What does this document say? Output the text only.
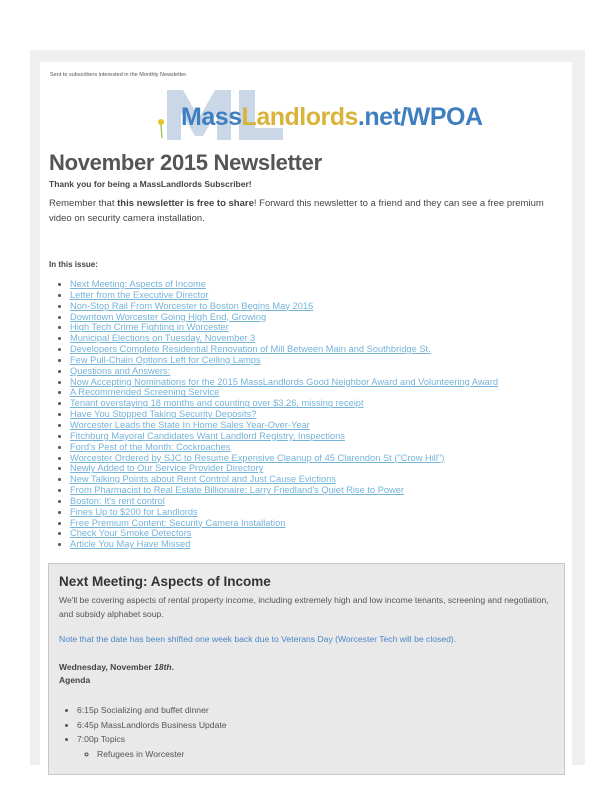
Sent to subscribers interested in the Monthly Newsletter.
MassLandlords.net/WPOA
November 2015 Newsletter
Thank you for being a MassLandlords Subscriber!
Remember that this newsletter is free to share! Forward this newsletter to a friend and they can see a free premium video on security camera installation.
In this issue:
• Next Meeting: Aspects of Income
• Letter from the Executive Director
• Non-Stop Rail From Worcester to Boston Begins May 2016
• Downtown Worcester Going High End, Growing
• High Tech Crime Fighting in Worcester
• Municipal Elections on Tuesday, November 3
• Developers Complete Residential Renovation of Mill Between Main and Southbridge St.
• Few Pull-Chain Options Left for Ceiling Lamps
• Questions and Answers:
• Now Accepting Nominations for the 2015 MassLandlords Good Neighbor Award and Volunteering Award
• A Recommended Screening Service
• Tenant overstaying 18 months and counting over $3.26, missing receipt
• Have You Stopped Taking Security Deposits?
• Worcester Leads the State In Home Sales Year-Over-Year
• Fitchburg Mayoral Candidates Want Landlord Registry, Inspections
• Ford's Pest of the Month: Cockroaches
• Worcester Ordered by SJC to Resume Expensive Cleanup of 45 Clarendon St ("Crow Hill")
• Newly Added to Our Service Provider Directory
• New Talking Points about Rent Control and Just Cause Evictions
• From Pharmacist to Real Estate Billionaire: Larry Friedland's Quiet Rise to Power
• Boston: It's rent control
• Fines Up to $200 for Landlords
• Free Premium Content: Security Camera Installation
• Check Your Smoke Detectors
• Article You May Have Missed
Next Meeting: Aspects of Income
We'll be covering aspects of rental property income, including extremely high and low income tenants, screening and negotiation, and subsidy alphabet soup.
Note that the date has been shifted one week back due to Veterans Day (Worcester Tech will be closed).
Wednesday, November 18th.
Agenda
• 6:15p Socializing and buffet dinner
• 6:45p MassLandlords Business Update
• 7:00p Topics
◦ Refugees in Worcester
